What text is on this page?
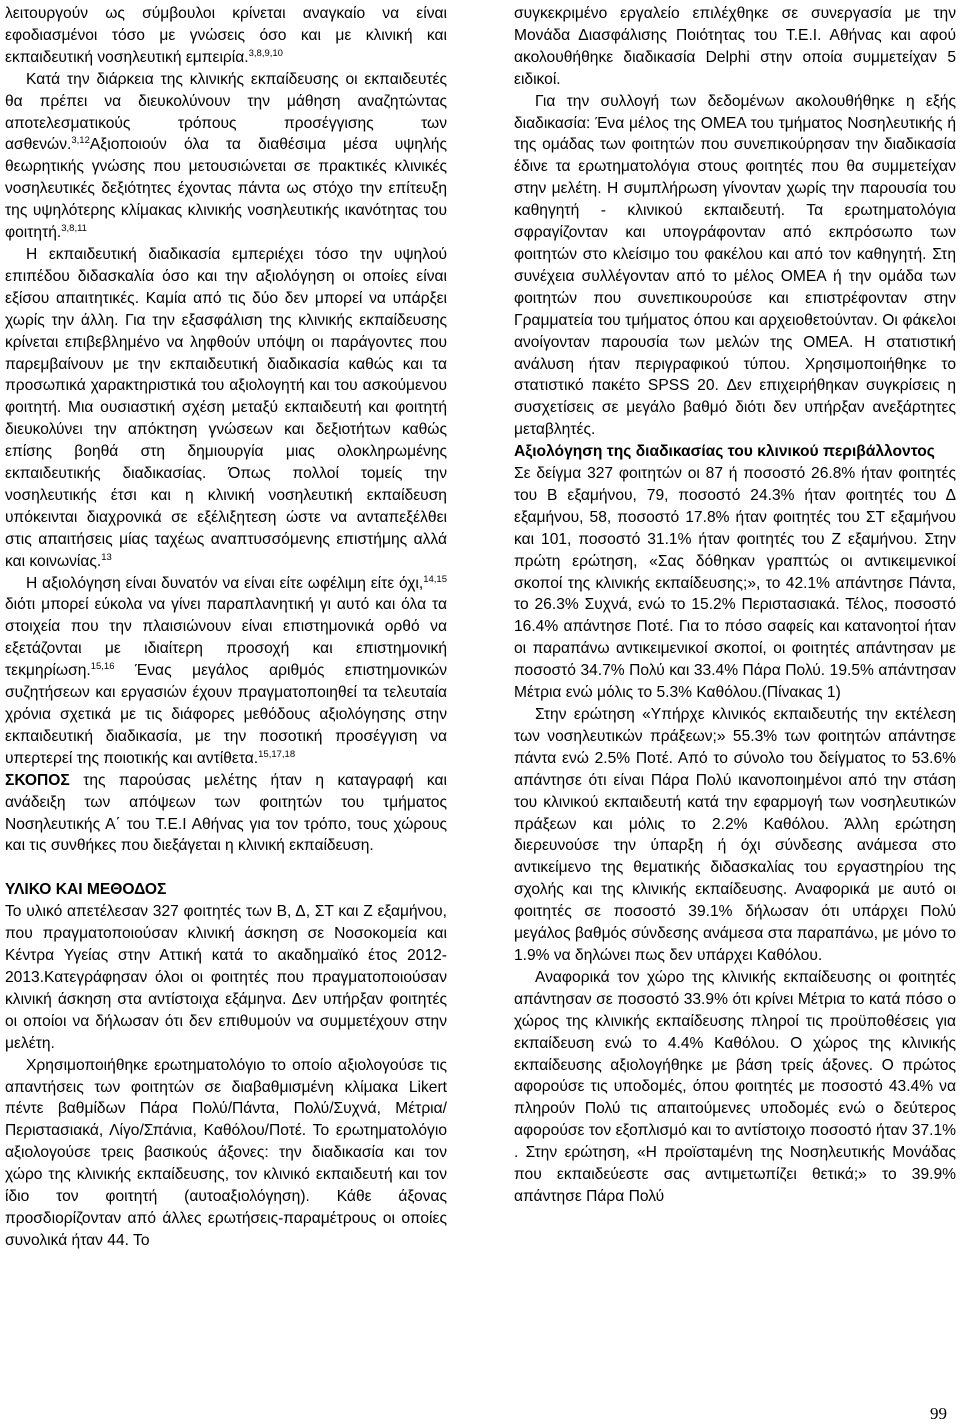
λειτουργούν ως σύμβουλοι κρίνεται αναγκαίο να είναι εφοδιασμένοι τόσο με γνώσεις όσο και με κλινική και εκπαιδευτική νοσηλευτική εμπειρία.$^{3,8,9,10}$

Κατά την διάρκεια της κλινικής εκπαίδευσης οι εκπαιδευτές θα πρέπει να διευκολύνουν την μάθηση αναζητώντας αποτελεσματικούς τρόπους προσέγγισης των ασθενών.$^{3,12}$Αξιοποιούν όλα τα διαθέσιμα μέσα υψηλής θεωρητικής γνώσης που μετουσιώνεται σε πρακτικές κλινικές νοσηλευτικές δεξιότητες έχοντας πάντα ως στόχο την επίτευξη της υψηλότερης κλίμακας κλινικής νοσηλευτικής ικανότητας του φοιτητή.$^{3,8,11}$

Η εκπαιδευτική διαδικασία εμπεριέχει τόσο την υψηλού επιπέδου διδασκαλία όσο και την αξιολόγηση οι οποίες είναι εξίσου απαιτητικές. Καμία από τις δύο δεν μπορεί να υπάρξει χωρίς την άλλη. Για την εξασφάλιση της κλινικής εκπαίδευσης κρίνεται επιβεβλημένο να ληφθούν υπόψη οι παράγοντες που παρεμβαίνουν με την εκπαιδευτική διαδικασία καθώς και τα προσωπικά χαρακτηριστικά του αξιολογητή και του ασκούμενου φοιτητή. Μια ουσιαστική σχέση μεταξύ εκπαιδευτή και φοιτητή διευκολύνει την απόκτηση γνώσεων και δεξιοτήτων καθώς επίσης βοηθά στη δημιουργία μιας ολοκληρωμένης εκπαιδευτικής διαδικασίας. Όπως πολλοί τομείς την νοσηλευτικής έτσι και η κλινική νοσηλευτική εκπαίδευση υπόκεινται διαχρονικά σε εξέλιξητεση ώστε να ανταπεξέλθει στις απαιτήσεις μίας ταχέως αναπτυσσόμενης επιστήμης αλλά και κοινωνίας.$^{13}$

Η αξιολόγηση είναι δυνατόν να είναι είτε ωφέλιμη είτε όχι,$^{14,15}$ διότι μπορεί εύκολα να γίνει παραπλανητική γι αυτό και όλα τα στοιχεία που την πλαισιώνουν είναι επιστημονικά ορθό να εξετάζονται με ιδιαίτερη προσοχή και επιστημονική τεκμηρίωση.$^{15,16}$ Ένας μεγάλος αριθμός επιστημονικών συζητήσεων και εργασιών έχουν πραγματοποιηθεί τα τελευταία χρόνια σχετικά με τις διάφορες μεθόδους αξιολόγησης στην εκπαιδευτική διαδικασία, με την ποσοτική προσέγγιση να υπερτερεί της ποιοτικής και αντίθετα.$^{15,17,18}$

ΣΚΟΠΟΣ της παρούσας μελέτης ήταν η καταγραφή και ανάδειξη των απόψεων των φοιτητών του τμήματος Νοσηλευτικής Α΄ του Τ.Ε.Ι Αθήνας για τον τρόπο, τους χώρους και τις συνθήκες που διεξάγεται η κλινική εκπαίδευση.

ΥΛΙΚΟ ΚΑΙ ΜΕΘΟΔΟΣ

Το υλικό απετέλεσαν 327 φοιτητές των Β, Δ, ΣΤ και Ζ εξαμήνου, που πραγματοποιούσαν κλινική άσκηση σε Νοσοκομεία και Κέντρα Υγείας στην Αττική κατά το ακαδημαϊκό έτος 2012-2013.Κατεγράφησαν όλοι οι φοιτητές που πραγματοποιούσαν κλινική άσκηση στα αντίστοιχα εξάμηνα. Δεν υπήρξαν φοιτητές οι οποίοι να δήλωσαν ότι δεν επιθυμούν να συμμετέχουν στην μελέτη.

Χρησιμοποιήθηκε ερωτηματολόγιο το οποίο αξιολογούσε τις απαντήσεις των φοιτητών σε διαβαθμισμένη κλίμακα Likert πέντε βαθμίδων Πάρα Πολύ/Πάντα, Πολύ/Συχνά, Μέτρια/Περιστασιακά, Λίγο/Σπάνια, Καθόλου/Ποτέ. Το ερωτηματολόγιο αξιολογούσε τρεις βασικούς άξονες: την διαδικασία και τον χώρο της κλινικής εκπαίδευσης, τον κλινικό εκπαιδευτή και τον ίδιο τον φοιτητή (αυτοαξιολόγηση). Κάθε άξονας προσδιορίζονταν από άλλες ερωτήσεις-παραμέτρους οι οποίες συνολικά ήταν 44. Το

συγκεκριμένο εργαλείο επιλέχθηκε σε συνεργασία με την Μονάδα Διασφάλισης Ποιότητας του Τ.Ε.Ι. Αθήνας και αφού ακολουθήθηκε διαδικασία Delphi στην οποία συμμετείχαν 5 ειδικοί.

Για την συλλογή των δεδομένων ακολουθήθηκε η εξής διαδικασία: Ένα μέλος της ΟΜΕΑ του τμήματος Νοσηλευτικής ή της ομάδας των φοιτητών που συνεπικούρησαν την διαδικασία έδινε τα ερωτηματολόγια στους φοιτητές που θα συμμετείχαν στην μελέτη. Η συμπλήρωση γίνονταν χωρίς την παρουσία του καθηγητή - κλινικού εκπαιδευτή. Τα ερωτηματολόγια σφραγίζονταν και υπογράφονταν από εκπρόσωπο των φοιτητών στο κλείσιμο του φακέλου και από τον καθηγητή. Στη συνέχεια συλλέγονταν από το μέλος ΟΜΕΑ ή την ομάδα των φοιτητών που συνεπικουρούσε και επιστρέφονταν στην Γραμματεία του τμήματος όπου και αρχειοθετούνταν. Οι φάκελοι ανοίγονταν παρουσία των μελών της ΟΜΕΑ. Η στατιστική ανάλυση ήταν περιγραφικού τύπου. Χρησιμοποιήθηκε το στατιστικό πακέτο SPSS 20. Δεν επιχειρήθηκαν συγκρίσεις η συσχετίσεις σε μεγάλο βαθμό διότι δεν υπήρξαν ανεξάρτητες μεταβλητές.

Αξιολόγηση της διαδικασίας του κλινικού περιβάλλοντος

Σε δείγμα 327 φοιτητών οι 87 ή ποσοστό 26.8% ήταν φοιτητές του Β εξαμήνου, 79, ποσοστό 24.3% ήταν φοιτητές του Δ εξαμήνου, 58, ποσοστό 17.8% ήταν φοιτητές του ΣΤ εξαμήνου και 101, ποσοστό 31.1% ήταν φοιτητές του Ζ εξαμήνου. Στην πρώτη ερώτηση, «Σας δόθηκαν γραπτώς οι αντικειμενικοί σκοποί της κλινικής εκπαίδευσης;», το 42.1% απάντησε Πάντα, το 26.3% Συχνά, ενώ το 15.2% Περιστασιακά. Τέλος, ποσοστό 16.4% απάντησε Ποτέ. Για το πόσο σαφείς και κατανοητοί ήταν οι παραπάνω αντικειμενικοί σκοποί, οι φοιτητές απάντησαν με ποσοστό 34.7% Πολύ και 33.4% Πάρα Πολύ. 19.5% απάντησαν Μέτρια ενώ μόλις το 5.3% Καθόλου.(Πίνακας 1)

Στην ερώτηση «Υπήρχε κλινικός εκπαιδευτής την εκτέλεση των νοσηλευτικών πράξεων;» 55.3% των φοιτητών απάντησε πάντα ενώ 2.5% Ποτέ. Από το σύνολο του δείγματος το 53.6% απάντησε ότι είναι Πάρα Πολύ ικανοποιημένοι από την στάση του κλινικού εκπαιδευτή κατά την εφαρμογή των νοσηλευτικών πράξεων και μόλις το 2.2% Καθόλου. Άλλη ερώτηση διερευνούσε την ύπαρξη ή όχι σύνδεσης ανάμεσα στο αντικείμενο της θεματικής διδασκαλίας του εργαστηρίου της σχολής και της κλινικής εκπαίδευσης. Αναφορικά με αυτό οι φοιτητές σε ποσοστό 39.1% δήλωσαν ότι υπάρχει Πολύ μεγάλος βαθμός σύνδεσης ανάμεσα στα παραπάνω, με μόνο το 1.9% να δηλώνει πως δεν υπάρχει Καθόλου.

Αναφορικά τον χώρο της κλινικής εκπαίδευσης οι φοιτητές απάντησαν σε ποσοστό 33.9% ότι κρίνει Μέτρια το κατά πόσο ο χώρος της κλινικής εκπαίδευσης πληροί τις προϋποθέσεις για εκπαίδευση ενώ το 4.4% Καθόλου. Ο χώρος της κλινικής εκπαίδευσης αξιολογήθηκε με βάση τρείς άξονες. Ο πρώτος αφορούσε τις υποδομές, όπου φοιτητές με ποσοστό 43.4% να πληρούν Πολύ τις απαιτούμενες υποδομές ενώ ο δεύτερος αφορούσε τον εξοπλισμό και το αντίστοιχο ποσοστό ήταν 37.1% . Στην ερώτηση, «Η προϊσταμένη της Νοσηλευτικής Μονάδας που εκπαιδεύεστε σας αντιμετωπίζει θετικά;» το 39.9% απάντησε Πάρα Πολύ

99
